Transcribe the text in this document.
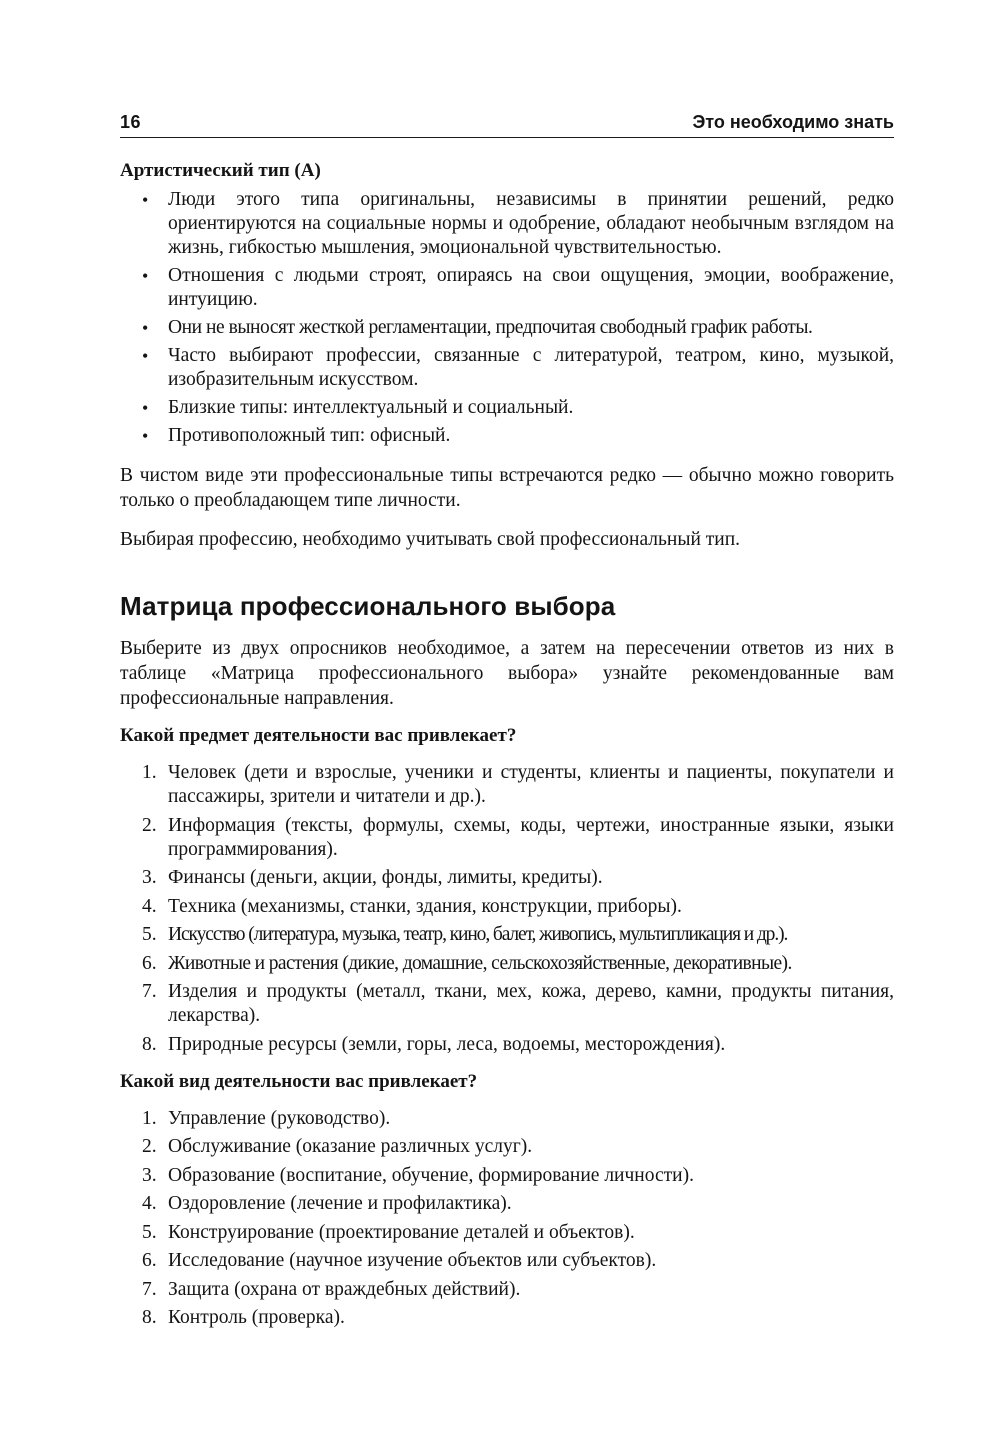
16	Это необходимо знать

Артистический тип (А)

• Люди этого типа оригинальны, независимы в принятии решений, редко ориентируются на социальные нормы и одобрение, обладают необычным взглядом на жизнь, гибкостью мышления, эмоциональной чувствительностью.
• Отношения с людьми строят, опираясь на свои ощущения, эмоции, воображение, интуицию.
• Они не выносят жесткой регламентации, предпочитая свободный график работы.
• Часто выбирают профессии, связанные с литературой, театром, кино, музыкой, изобразительным искусством.
• Близкие типы: интеллектуальный и социальный.
• Противоположный тип: офисный.

В чистом виде эти профессиональные типы встречаются редко — обычно можно говорить только о преобладающем типе личности.

Выбирая профессию, необходимо учитывать свой профессиональный тип.

Матрица профессионального выбора

Выберите из двух опросников необходимое, а затем на пересечении ответов из них в таблице «Матрица профессионального выбора» узнайте рекомендованные вам профессиональные направления.

Какой предмет деятельности вас привлекает?

1. Человек (дети и взрослые, ученики и студенты, клиенты и пациенты, покупатели и пассажиры, зрители и читатели и др.).
2. Информация (тексты, формулы, схемы, коды, чертежи, иностранные языки, языки программирования).
3. Финансы (деньги, акции, фонды, лимиты, кредиты).
4. Техника (механизмы, станки, здания, конструкции, приборы).
5. Искусство (литература, музыка, театр, кино, балет, живопись, мультипликация и др.).
6. Животные и растения (дикие, домашние, сельскохозяйственные, декоративные).
7. Изделия и продукты (металл, ткани, мех, кожа, дерево, камни, продукты питания, лекарства).
8. Природные ресурсы (земли, горы, леса, водоемы, месторождения).

Какой вид деятельности вас привлекает?

1. Управление (руководство).
2. Обслуживание (оказание различных услуг).
3. Образование (воспитание, обучение, формирование личности).
4. Оздоровление (лечение и профилактика).
5. Конструирование (проектирование деталей и объектов).
6. Исследование (научное изучение объектов или субъектов).
7. Защита (охрана от враждебных действий).
8. Контроль (проверка).
